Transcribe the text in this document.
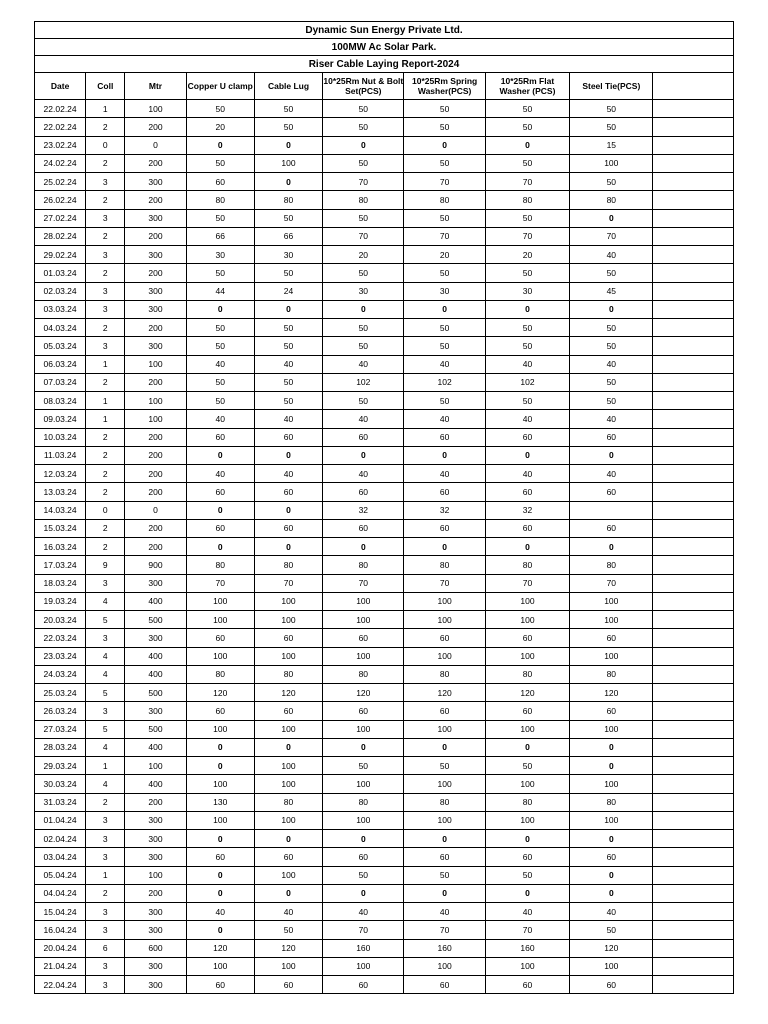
Dynamic Sun Energy Private Ltd.									
100MW Ac Solar Park.									
Riser Cable Laying Report-2024									
Date	Coll	Mtr	Copper U clamp	Cable Lug	10*25Rm Nut & Bolt Set(PCS)	10*25Rm Spring Washer(PCS)	10*25Rm Flat Washer (PCS)	Steel Tie(PCS)	
22.02.24	1	100	50	50	50	50	50	50	
22.02.24	2	200	20	50	50	50	50	50	
23.02.24	0	0	0	0	0	0	0	15	
24.02.24	2	200	50	100	50	50	50	100	
25.02.24	3	300	60	0	70	70	70	50	
26.02.24	2	200	80	80	80	80	80	80	
27.02.24	3	300	50	50	50	50	50	0	
28.02.24	2	200	66	66	70	70	70	70	
29.02.24	3	300	30	30	20	20	20	40	
01.03.24	2	200	50	50	50	50	50	50	
02.03.24	3	300	44	24	30	30	30	45	
03.03.24	3	300	0	0	0	0	0	0	
04.03.24	2	200	50	50	50	50	50	50	
05.03.24	3	300	50	50	50	50	50	50	
06.03.24	1	100	40	40	40	40	40	40	
07.03.24	2	200	50	50	102	102	102	50	
08.03.24	1	100	50	50	50	50	50	50	
09.03.24	1	100	40	40	40	40	40	40	
10.03.24	2	200	60	60	60	60	60	60	
11.03.24	2	200	0	0	0	0	0	0	
12.03.24	2	200	40	40	40	40	40	40	
13.03.24	2	200	60	60	60	60	60	60	
14.03.24	0	0	0	0	32	32	32		
15.03.24	2	200	60	60	60	60	60	60	
16.03.24	2	200	0	0	0	0	0	0	
17.03.24	9	900	80	80	80	80	80	80	
18.03.24	3	300	70	70	70	70	70	70	
19.03.24	4	400	100	100	100	100	100	100	
20.03.24	5	500	100	100	100	100	100	100	
22.03.24	3	300	60	60	60	60	60	60	
23.03.24	4	400	100	100	100	100	100	100	
24.03.24	4	400	80	80	80	80	80	80	
25.03.24	5	500	120	120	120	120	120	120	
26.03.24	3	300	60	60	60	60	60	60	
27.03.24	5	500	100	100	100	100	100	100	
28.03.24	4	400	0	0	0	0	0	0	
29.03.24	1	100	0	100	50	50	50	0	
30.03.24	4	400	100	100	100	100	100	100	
31.03.24	2	200	130	80	80	80	80	80	
01.04.24	3	300	100	100	100	100	100	100	
02.04.24	3	300	0	0	0	0	0	0	
03.04.24	3	300	60	60	60	60	60	60	
05.04.24	1	100	0	100	50	50	50	0	
04.04.24	2	200	0	0	0	0	0	0	
15.04.24	3	300	40	40	40	40	40	40	
16.04.24	3	300	0	50	70	70	70	50	
20.04.24	6	600	120	120	160	160	160	120	
21.04.24	3	300	100	100	100	100	100	100	
22.04.24	3	300	60	60	60	60	60	60	
